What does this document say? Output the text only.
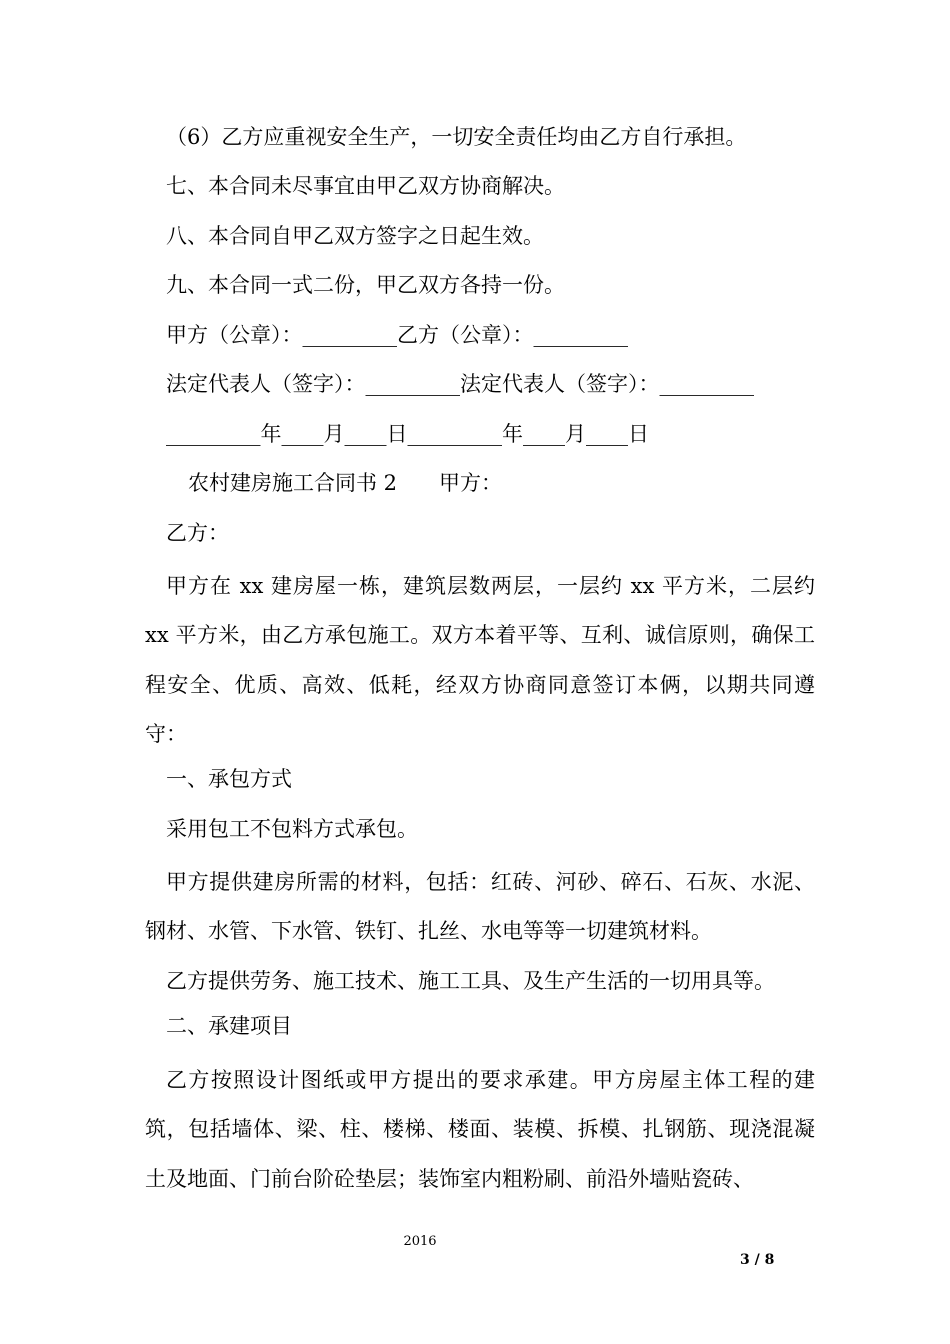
（6）乙方应重视安全生产，一切安全责任均由乙方自行承担。
七、本合同未尽事宜由甲乙双方协商解决。
八、本合同自甲乙双方签字之日起生效。
九、本合同一式二份，甲乙双方各持一份。
甲方（公章）：_________乙方（公章）：_________
法定代表人（签字）：_________法定代表人（签字）：_________
_________年____月____日_________年____月____日
农村建房施工合同书 2　　甲方：
乙方：
甲方在 xx 建房屋一栋，建筑层数两层，一层约 xx 平方米，二层约 xx 平方米，由乙方承包施工。双方本着平等、互利、诚信原则，确保工程安全、优质、高效、低耗，经双方协商同意签订本俩，以期共同遵守：
一、承包方式
采用包工不包料方式承包。
甲方提供建房所需的材料，包括：红砖、河砂、碎石、石灰、水泥、钢材、水管、下水管、铁钉、扎丝、水电等等一切建筑材料。
乙方提供劳务、施工技术、施工工具、及生产生活的一切用具等。
二、承建项目
乙方按照设计图纸或甲方提出的要求承建。甲方房屋主体工程的建筑，包括墙体、梁、柱、楼梯、楼面、装模、拆模、扎钢筋、现浇混凝土及地面、门前台阶砼垫层；装饰室内粗粉刷、前沿外墙贴瓷砖、
2016
3 / 8
